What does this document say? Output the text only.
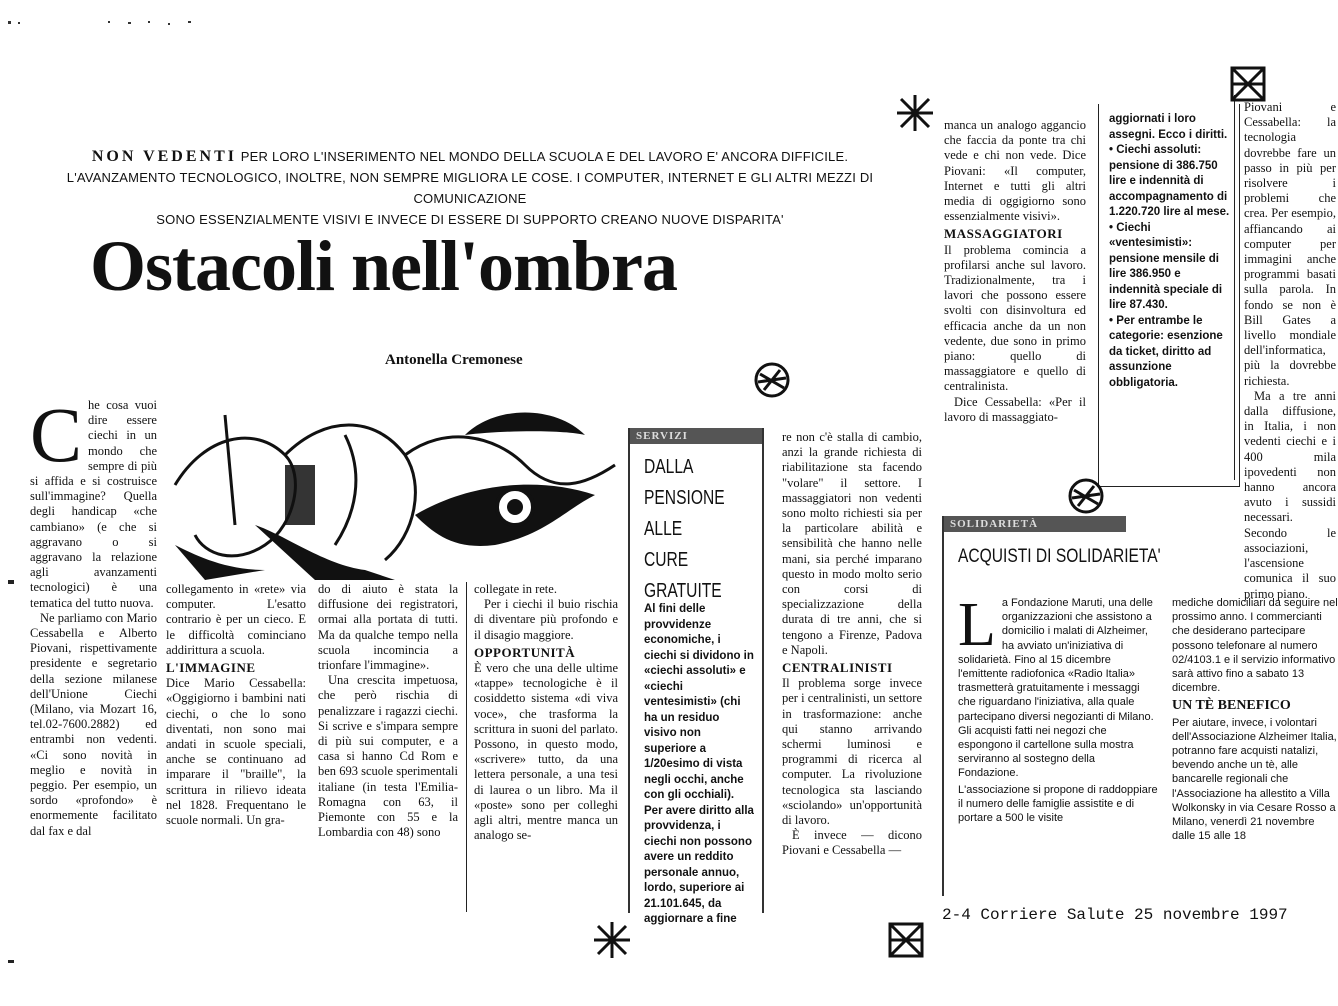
NON VEDENTI PER LORO L'INSERIMENTO NEL MONDO DELLA SCUOLA E DEL LAVORO E' ANCORA DIFFICILE.
L'AVANZAMENTO TECNOLOGICO, INOLTRE, NON SEMPRE MIGLIORA LE COSE. I COMPUTER, INTERNET E GLI ALTRI MEZZI DI COMUNICAZIONE
SONO ESSENZIALMENTE VISIVI E INVECE DI ESSERE DI SUPPORTO CREANO NUOVE DISPARITA'
Ostacoli nell'ombra
Antonella Cremonese
C he cosa vuoi dire essere ciechi in un mondo che sempre di più si affida e si costruisce sull'immagine? Quella degli handicap «che cambiano» (e che si aggravano o si aggravano la relazione agli avanzamenti tecnologici) è una tematica del tutto nuova.

Ne parliamo con Mario Cessabella e Alberto Piovani, rispettivamente presidente e segretario della sezione milanese dell'Unione Ciechi (Milano, via Mozart 16, tel.02-7600.2882) ed entrambi non vedenti. «Ci sono novità in meglio e novità in peggio. Per esempio, un sordo «profondo» è enormemente facilitato dal fax e dal

collegamento in «rete» via computer. L'esatto contrario è per un cieco. E le difficoltà cominciano addirittura a scuola.

L'IMMAGINE

Dice Mario Cessabella: «Oggigiorno i bambini nati ciechi, o che lo sono diventati, non sono mai andati in scuole speciali, anche se continuano ad imparare il "braille", la scrittura in rilievo ideata nel 1828. Frequentano le scuole normali. Un gra-

do di aiuto è stata la diffusione dei registratori, ormai alla portata di tutti. Ma da qualche tempo nella scuola incomincia a trionfare l'immagine».

Una crescita impetuosa, che però rischia di penalizzare i ragazzi ciechi. Si scrive e s'impara sempre di più sui computer, e a casa si hanno Cd Rom e ben 693 scuole sperimentali italiane (in testa l'Emilia-Romagna con 63, il Piemonte con 55 e la Lombardia con 48) sono

collegate in rete.

Per i ciechi il buio rischia di diventare più profondo e il disagio maggiore.

OPPORTUNITÀ

È vero che una delle ultime «tappe» tecnologiche è il cosiddetto sistema «di viva voce», che trasforma la scrittura in suoni del parlato. Possono, in questo modo, «scrivere» tutto, da una lettera personale, a una tesi di laurea o un libro. Ma il «poste» sono per colleghi agli altri, mentre manca un analogo se-

SERVIZI
DALLA
PENSIONE
ALLE CURE
GRATUITE
Al fini delle provvidenze economiche, i ciechi si dividono in «ciechi assoluti» e «ciechi ventesimisti» (chi ha un residuo visivo non superiore a 1/20esimo di vista negli occhi, anche con gli occhiali). Per avere diritto alla provvidenza, i ciechi non possono avere un reddito personale annuo, lordo, superiore ai 21.101.645, da aggiornare a fine

re non c'è stalla di cambio, anzi la grande richiesta di riabilitazione sta facendo "volare" il settore. I massaggiatori non vedenti sono molto richiesti sia per la particolare abilità e sensibilità che hanno nelle mani, sia perché imparano questo in modo molto serio con corsi di specializzazione della durata di tre anni, che si tengono a Firenze, Padova e Napoli.

CENTRALINISTI

Il problema sorge invece per i centralinisti, un settore in trasformazione: anche qui stanno arrivando schermi luminosi e programmi di ricerca al computer. La rivoluzione tecnologica sta lasciando «sciolando» un'opportunità di lavoro.

È invece — dicono Piovani e Cessabella —

manca un analogo aggancio che faccia da ponte tra chi vede e chi non vede. Dice Piovani: «Il computer, Internet e tutti gli altri media di oggigiorno sono essenzialmente visivi».

MASSAGGIATORI

Il problema comincia a profilarsi anche sul lavoro. Tradizionalmente, tra i lavori che possono essere svolti con disinvoltura ed efficacia anche da un non vedente, due sono in primo piano: quello di massaggiatore e quello di centralinista.

Dice Cessabella: «Per il lavoro di massaggiato-

aggiornati i loro assegni. Ecco i diritti.
• Ciechi assoluti: pensione di 386.750 lire e indennità di accompagnamento di 1.220.720 lire al mese.
• Ciechi «ventesimisti»: pensione mensile di lire 386.950 e indennità speciale di lire 87.430.
• Per entrambe le categorie: esenzione da ticket, diritto ad assunzione obbligatoria.

Piovani e Cessabella: la tecnologia dovrebbe fare un passo in più per risolvere i problemi che crea. Per esempio, affiancando ai computer per immagini anche programmi basati sulla parola. In fondo se non è Bill Gates a livello mondiale dell'informatica, più la dovrebbe richiesta.

Ma a tre anni dalla diffusione, in Italia, i non vedenti ciechi e i 400 mila ipovedenti non hanno ancora avuto i sussidi necessari. Secondo le associazioni, l'ascensione comunica il suo primo piano.

SOLIDARIETÀ
ACQUISTI DI SOLIDARIETA'
L a Fondazione Maruti, una delle organizzazioni che assistono a domicilio i malati di Alzheimer, ha avviato un'iniziativa di solidarietà. Fino al 15 dicembre l'emittente radiofonica «Radio Italia» trasmetterà gratuitamente i messaggi che riguardano l'iniziativa, alla quale partecipano diversi negozianti di Milano. Gli acquisti fatti nei negozi che espongono il cartellone sulla mostra serviranno al sostegno della Fondazione.
L'associazione si propone di raddoppiare il numero delle famiglie assistite e di portare a 500 le visite
mediche domiciliari da seguire nel prossimo anno. I commercianti che desiderano partecipare possono telefonare al numero 02/4103.1 e il servizio informativo sarà attivo fino a sabato 13 dicembre.
UN TÈ BENEFICO
Per aiutare, invece, i volontari dell'Associazione Alzheimer Italia, potranno fare acquisti natalizi, bevendo anche un tè, alle bancarelle regionali che l'Associazione ha allestito a Villa Wolkonsky in via Cesare Rosso a Milano, venerdì 21 novembre dalle 15 alle 18
2-4 Corriere Salute 25 novembre 1997
